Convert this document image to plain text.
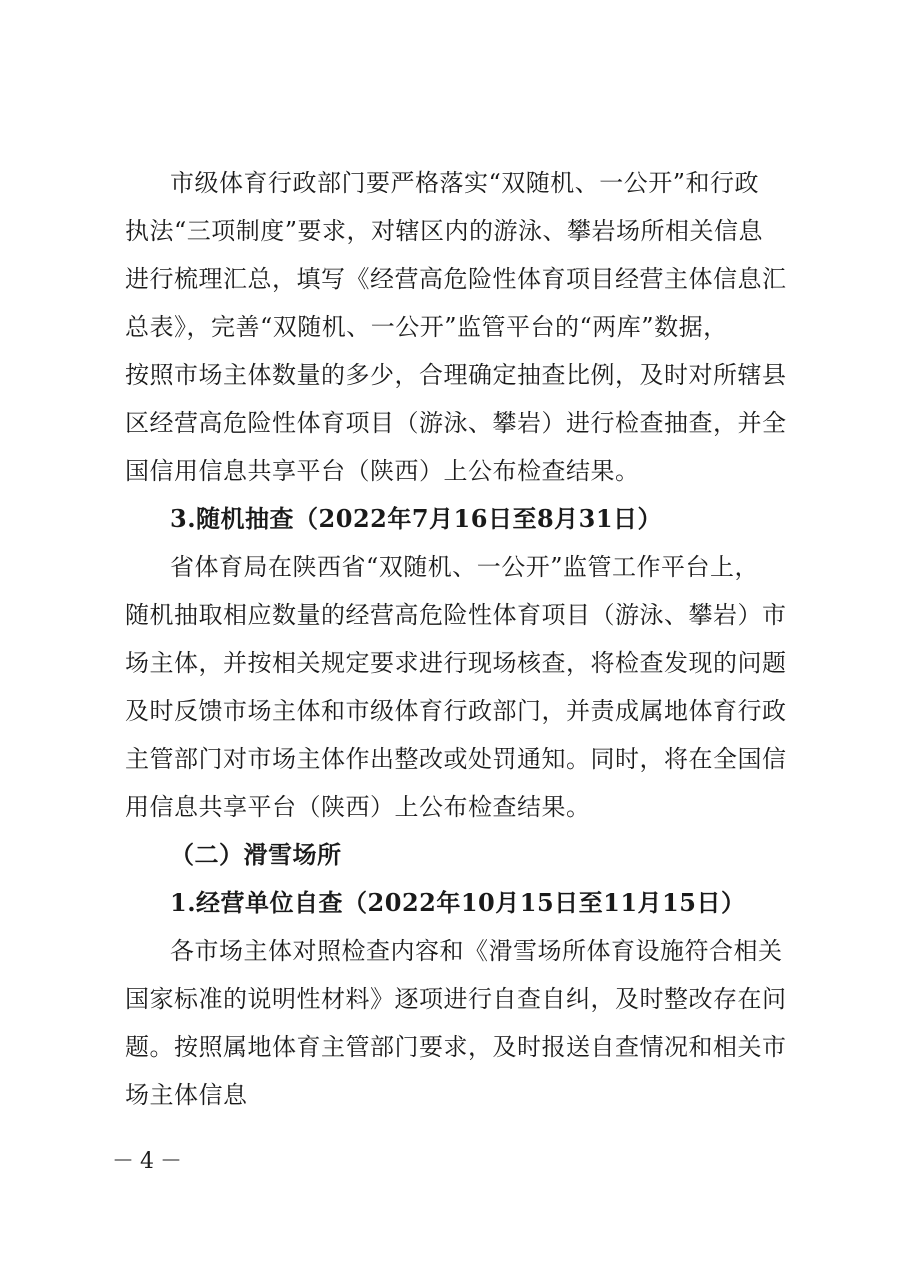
市级体育行政部门要严格落实“双随机、一公开”和行政
执法“三项制度”要求，对辖区内的游泳、攀岩场所相关信息
进行梳理汇总，填写《经营高危险性体育项目经营主体信息汇
总表》，完善“双随机、一公开”监管平台的“两库”数据，
按照市场主体数量的多少，合理确定抽查比例，及时对所辖县
区经营高危险性体育项目（游泳、攀岩）进行检查抽查，并全
国信用信息共享平台（陕西）上公布检查结果。
3.随机抽查（2022年7月16日至8月31日）
省体育局在陕西省“双随机、一公开”监管工作平台上，
随机抽取相应数量的经营高危险性体育项目（游泳、攀岩）市
场主体，并按相关规定要求进行现场核查，将检查发现的问题
及时反馈市场主体和市级体育行政部门，并责成属地体育行政
主管部门对市场主体作出整改或处罚通知。同时，将在全国信
用信息共享平台（陕西）上公布检查结果。
（二）滑雪场所
1.经营单位自查（2022年10月15日至11月15日）
各市场主体对照检查内容和《滑雪场所体育设施符合相关
国家标准的说明性材料》逐项进行自查自纠，及时整改存在问
题。按照属地体育主管部门要求，及时报送自查情况和相关市
场主体信息
－4－
